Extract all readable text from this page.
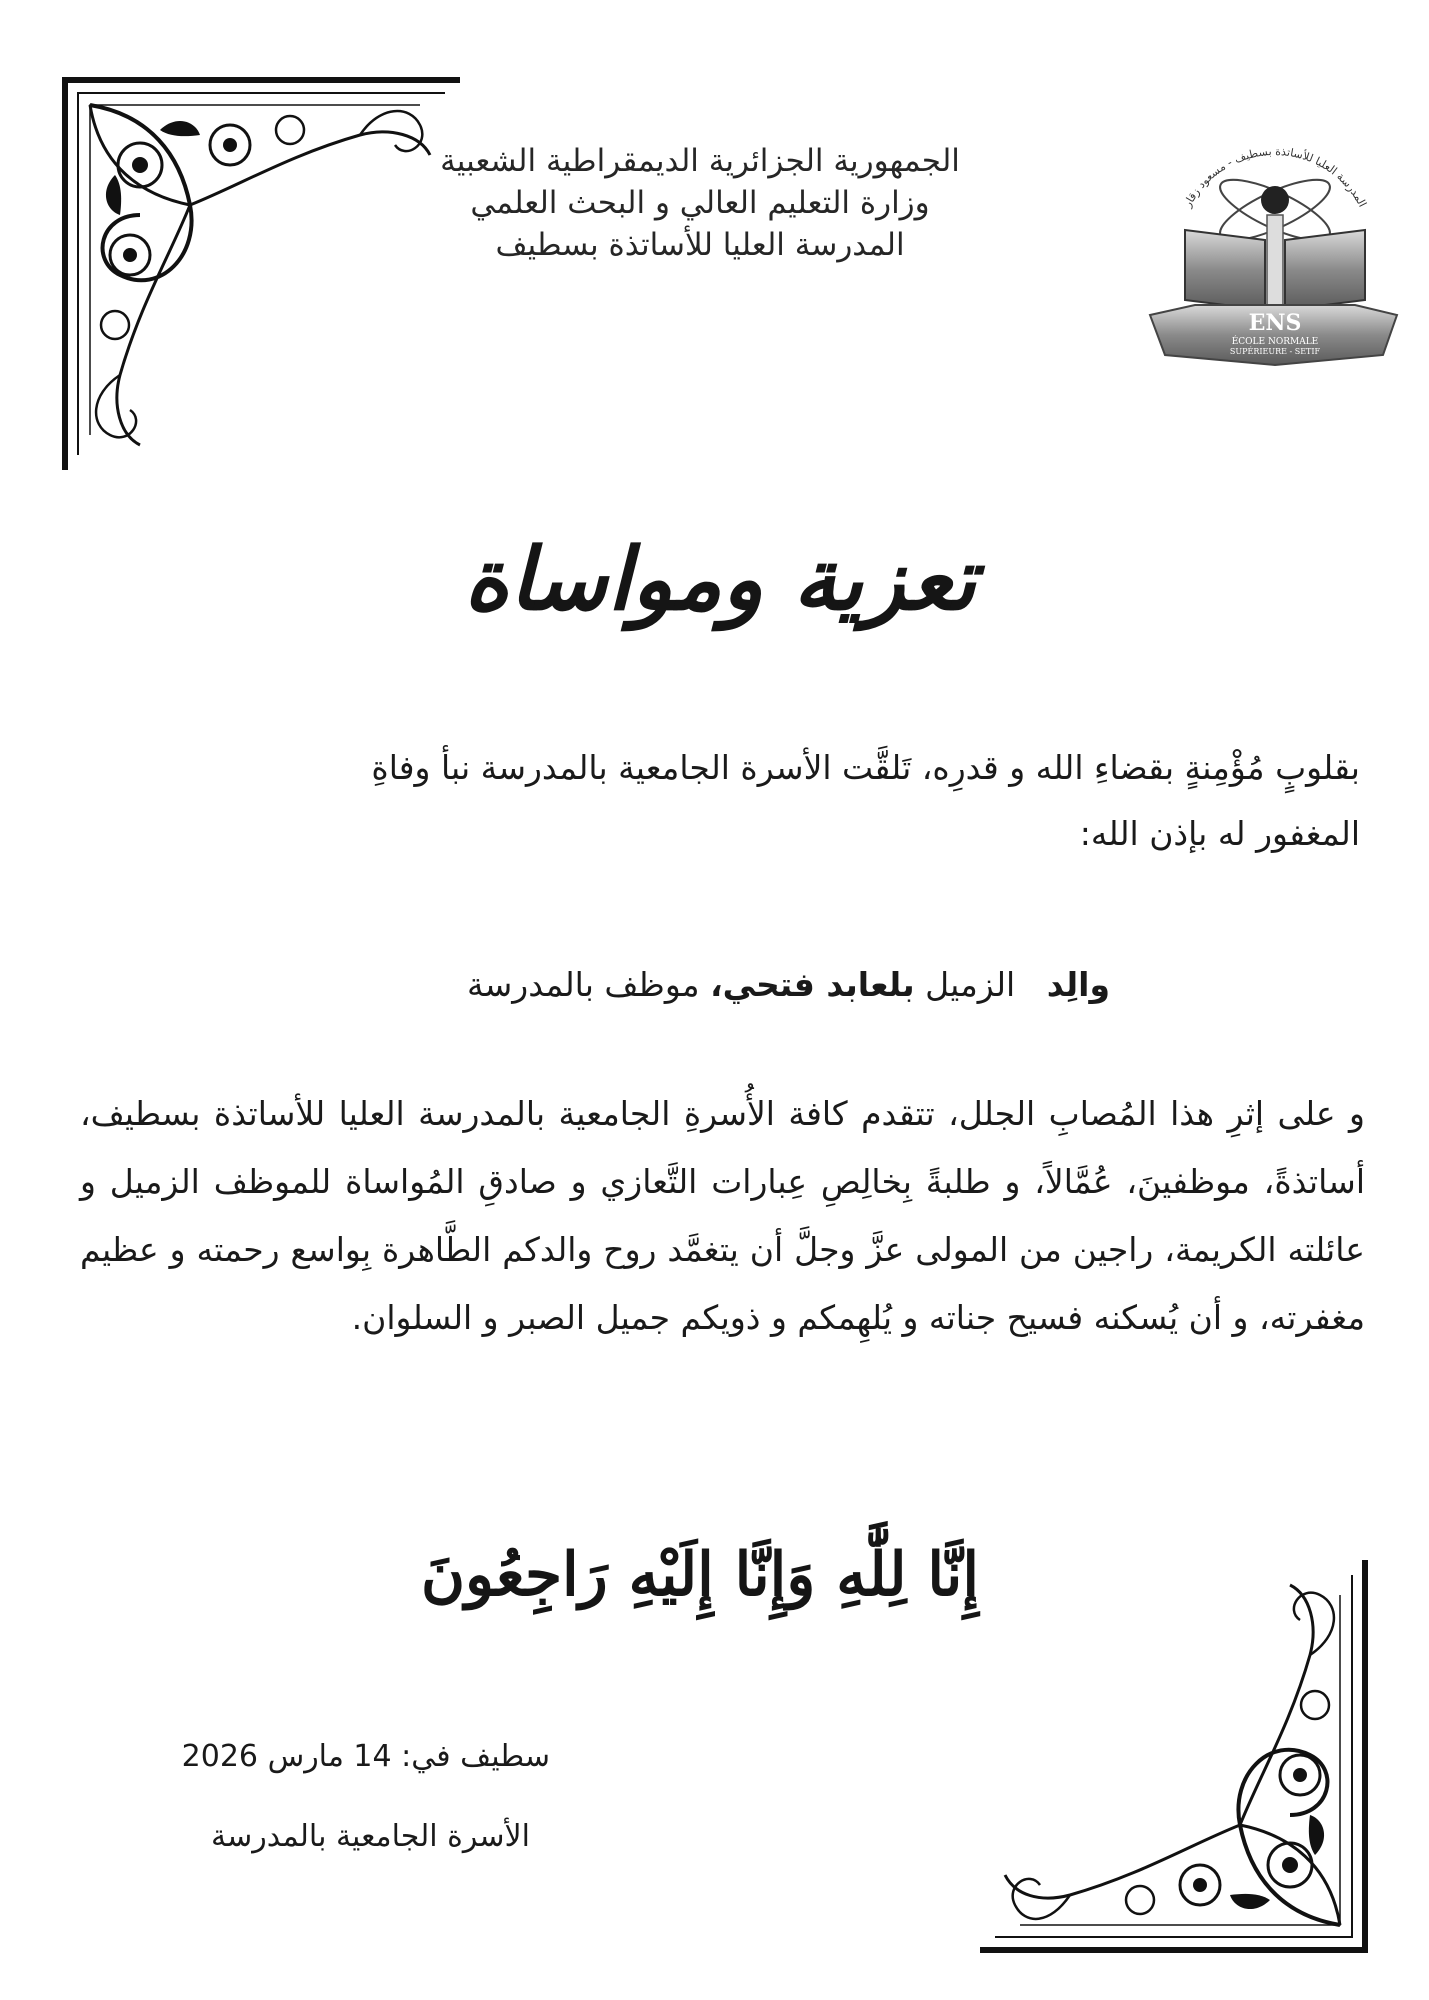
الجمهورية الجزائرية الديمقراطية الشعبية
وزارة التعليم العالي و البحث العلمي
المدرسة العليا للأساتذة بسطيف
المدرسة العليا للأساتذة بسطيف - مسعود زقار
ENS
ÉCOLE NORMALE
SUPÉRIEURE - SETIF
تعزية ومواساة
بقلوبٍ مُؤْمِنةٍ بقضاءِ الله و قدرِه، تَلقَّت الأسرة الجامعية بالمدرسة نبأ وفاةِ
المغفور له بإذن الله:
والِد   الزميل بلعابد فتحي، موظف بالمدرسة
و على إثرِ هذا المُصابِ الجلل، تتقدم كافة الأُسرةِ الجامعية بالمدرسة العليا للأساتذة بسطيف، أساتذةً، موظفينَ، عُمَّالاً، و طلبةً بِخالِصِ عِبارات التَّعازي و صادقِ المُواساة للموظف الزميل و عائلته الكريمة، راجين من المولى عزَّ وجلَّ أن يتغمَّد روح والدكم الطَّاهرة بِواسع رحمته و عظيم مغفرته، و أن يُسكنه فسيح جناته و يُلهِمكم و ذويكم جميل الصبر و السلوان.
إِنَّا لِلَّٰهِ وَإِنَّا إِلَيْهِ رَاجِعُونَ
سطيف في: 14 مارس 2026
الأسرة الجامعية بالمدرسة
